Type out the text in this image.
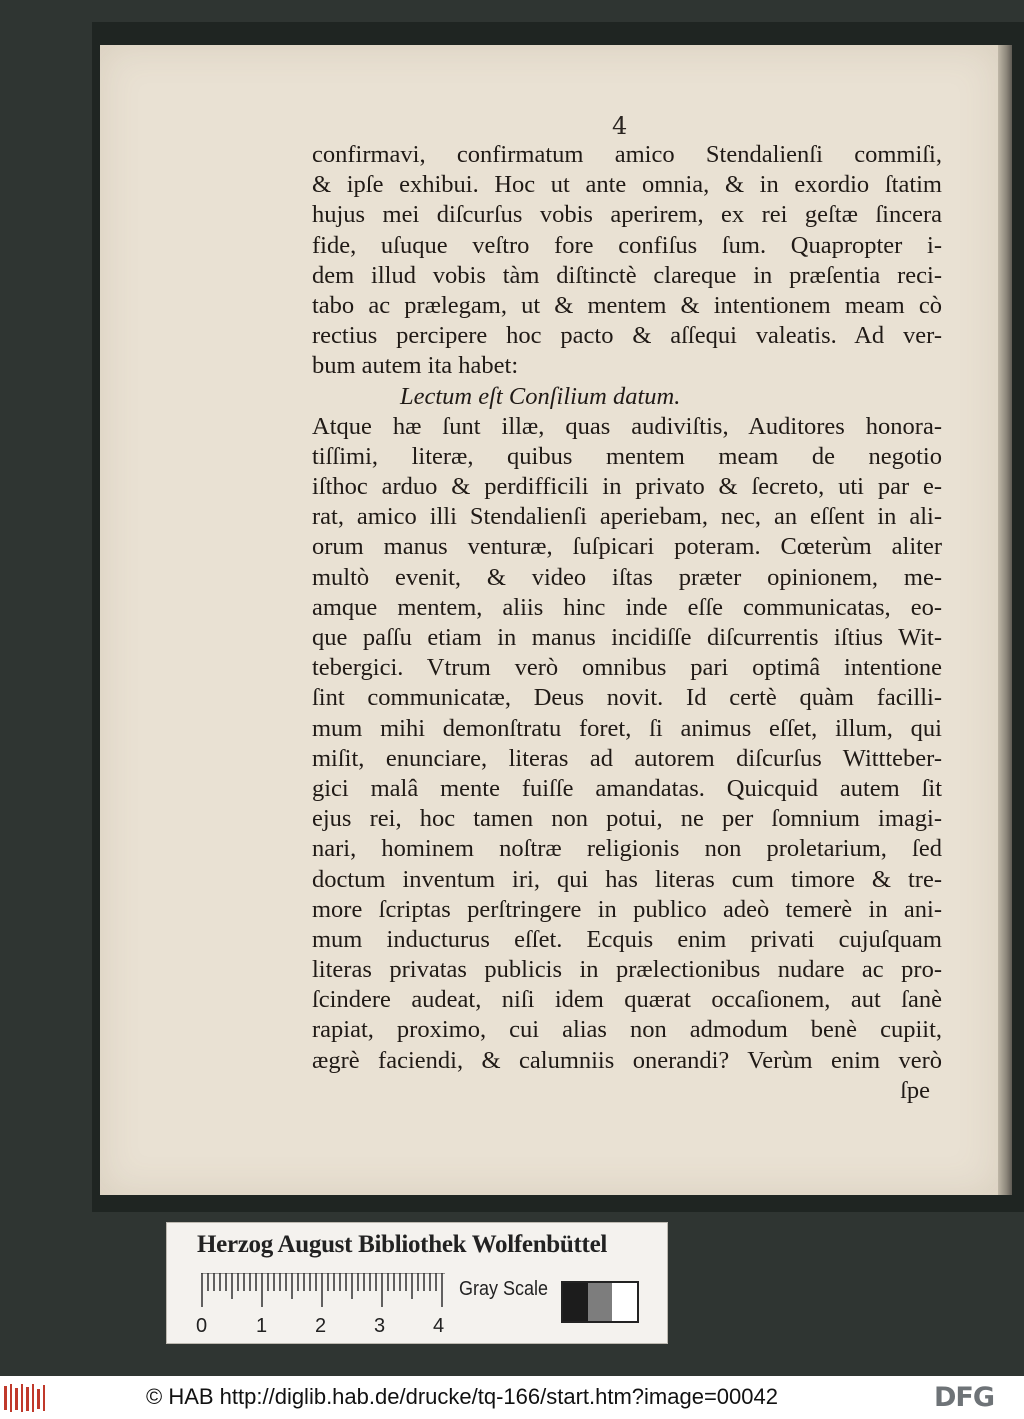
4
confirmavi, confirmatum amico Stendalienſi commiſi,
& ipſe exhibui. Hoc ut ante omnia, & in exordio ſtatim
hujus mei diſcurſus vobis aperirem, ex rei geſtæ ſincera
fide, uſuque veſtro fore confiſus ſum. Quapropter i-
dem illud vobis tàm diſtinctè clareque in præſentia reci-
tabo ac prælegam, ut & mentem & intentionem meam cò
rectius percipere hoc pacto & aſſequi valeatis. Ad ver-
bum autem ita habet:
Lectum eſt Conſilium datum.
Atque hæ ſunt illæ, quas audiviſtis, Auditores honora-
tiſſimi, literæ, quibus mentem meam de negotio
iſthoc arduo & perdifficili in privato & ſecreto, uti par e-
rat, amico illi Stendalienſi aperiebam, nec, an eſſent in ali-
orum manus venturæ, ſuſpicari poteram. Cœterùm aliter
multò evenit, & video iſtas præter opinionem, me-
amque mentem, aliis hinc inde eſſe communicatas, eo-
que paſſu etiam in manus incidiſſe diſcurrentis iſtius Wit-
tebergici. Vtrum verò omnibus pari optimâ intentione
ſint communicatæ, Deus novit. Id certè quàm facilli-
mum mihi demonſtratu foret, ſi animus eſſet, illum, qui
miſit, enunciare, literas ad autorem diſcurſus Wittteber-
gici malâ mente fuiſſe amandatas. Quicquid autem ſit
ejus rei, hoc tamen non potui, ne per ſomnium imagi-
nari, hominem noſtræ religionis non proletarium, ſed
doctum inventum iri, qui has literas cum timore & tre-
more ſcriptas perſtringere in publico adeò temerè in ani-
mum inducturus eſſet. Ecquis enim privati cujuſquam
literas privatas publicis in prælectionibus nudare ac pro-
ſcindere audeat, niſi idem quærat occaſionem, aut ſanè
rapiat, proximo, cui alias non admodum benè cupiit,
ægrè faciendi, & calumniis onerandi? Verùm enim verò
ſpe
Herzog August Bibliothek Wolfenbüttel
0 1 2 3 4
Gray Scale
© HAB http://diglib.hab.de/drucke/tq-166/start.htm?image=00042	DFG
